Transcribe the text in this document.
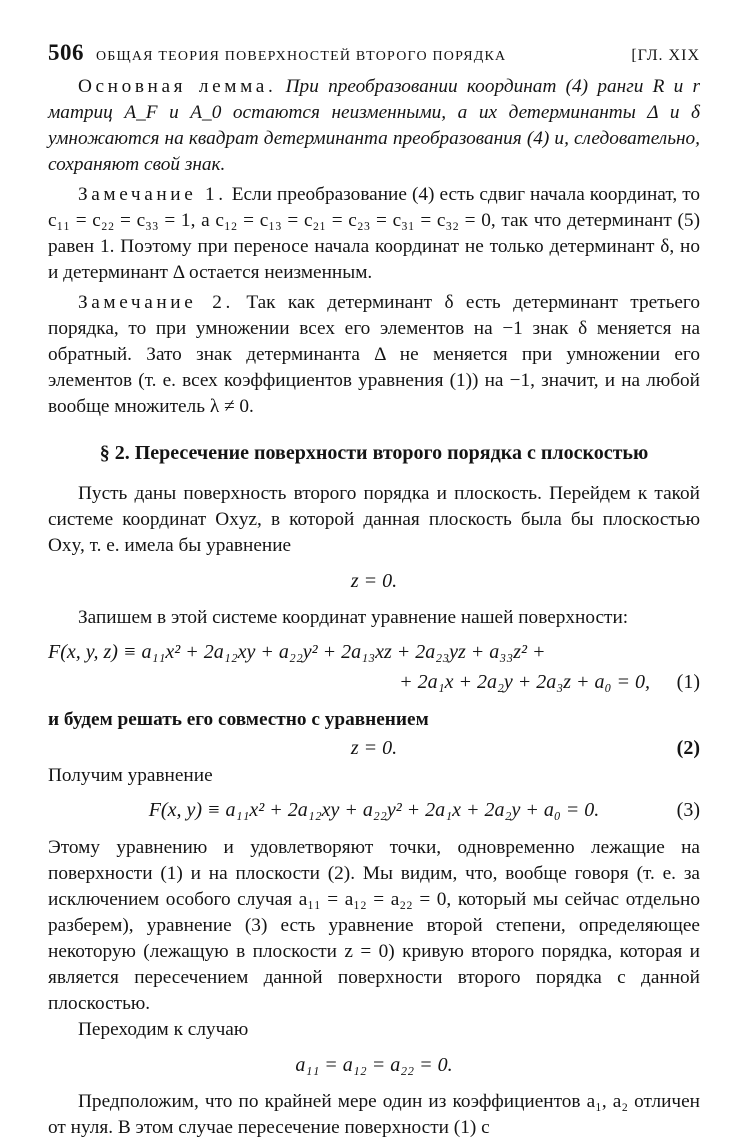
506 ОБЩАЯ ТЕОРИЯ ПОВЕРХНОСТЕЙ ВТОРОГО ПОРЯДКА	[ГЛ. XIX

Основная лемма. При преобразовании координат (4) ранги R и r матриц A_F и A_0 остаются неизменными, а их детерминанты Δ и δ умножаются на квадрат детерминанта преобразования (4) и, следовательно, сохраняют свой знак.

Замечание 1. Если преобразование (4) есть сдвиг начала координат, то c₁₁ = c₂₂ = c₃₃ = 1, а c₁₂ = c₁₃ = c₂₁ = c₂₃ = c₃₁ = c₃₂ = 0, так что детерминант (5) равен 1. Поэтому при переносе начала координат не только детерминант δ, но и детерминант Δ остается неизменным.

Замечание 2. Так как детерминант δ есть детерминант третьего порядка, то при умножении всех его элементов на −1 знак δ меняется на обратный. Зато знак детерминанта Δ не меняется при умножении его элементов (т. е. всех коэффициентов уравнения (1)) на −1, значит, и на любой вообще множитель λ ≠ 0.

§ 2. Пересечение поверхности второго порядка с плоскостью

Пусть даны поверхность второго порядка и плоскость. Перейдем к такой системе координат Oxyz, в которой данная плоскость была бы плоскостью Oxy, т. е. имела бы уравнение

z = 0.

Запишем в этой системе координат уравнение нашей поверхности:

F(x, y, z) ≡ a₁₁x² + 2a₁₂xy + a₂₂y² + 2a₁₃xz + 2a₂₃yz + a₃₃z² +
+ 2a₁x + 2a₂y + 2a₃z + a₀ = 0, (1)

и будем решать его совместно с уравнением

z = 0.	(2)

Получим уравнение

F(x, y) ≡ a₁₁x² + 2a₁₂xy + a₂₂y² + 2a₁x + 2a₂y + a₀ = 0.	(3)

Этому уравнению и удовлетворяют точки, одновременно лежащие на поверхности (1) и на плоскости (2). Мы видим, что, вообще говоря (т. е. за исключением особого случая a₁₁ = a₁₂ = a₂₂ = 0, который мы сейчас отдельно разберем), уравнение (3) есть уравнение второй степени, определяющее некоторую (лежащую в плоскости z = 0) кривую второго порядка, которая и является пересечением данной поверхности второго порядка с данной плоскостью.

Переходим к случаю

a₁₁ = a₁₂ = a₂₂ = 0.

Предположим, что по крайней мере один из коэффициентов a₁, a₂ отличен от нуля. В этом случае пересечение поверхности (1) с
